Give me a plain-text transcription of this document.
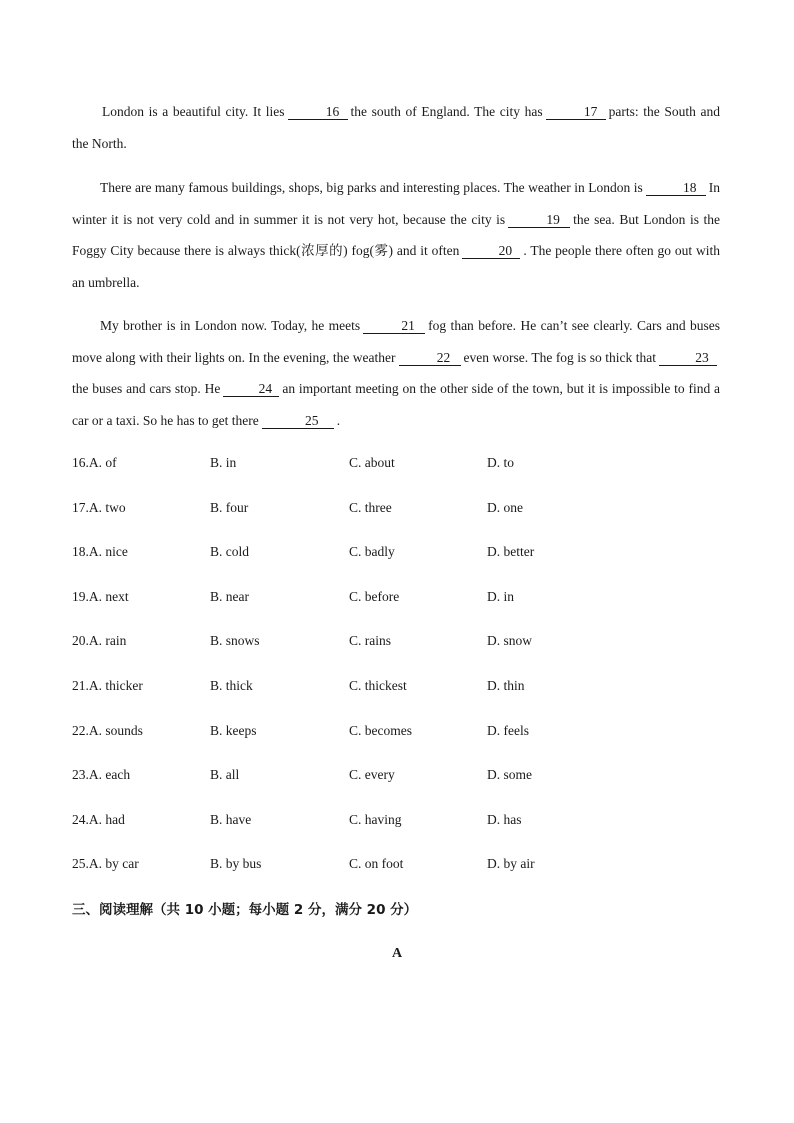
London is a beautiful city. It lies	16 the south of England. The city has	17 parts: the South and the North.

There are many famous buildings, shops, big parks and interesting places. The weather in London is	18 In winter it is not very cold and in summer it is not very hot, because the city is	19 the sea. But London is the Foggy City because there is always thick(浓厚的) fog(雾) and it often	20 . The people there often go out with an umbrella.

My brother is in London now. Today, he meets	21 fog than before. He can’t see clearly. Cars and buses move along with their lights on. In the evening, the weather	22 even worse. The fog is so thick that	23the buses and cars stop. He	24 an important meeting on the other side of the town, but it is impossible to find a car or a taxi. So he has to get there	25 .

16.A. of	B. in	C. about	D. to
17.A. two	B. four	C. three	D. one
18.A. nice	B. cold	C. badly	D. better
19.A. next	B. near	C. before	D. in
20.A. rain	B. snows	C. rains	D. snow
21.A. thicker	B. thick	C. thickest	D. thin
22.A. sounds	B. keeps	C. becomes	D. feels
23.A. each	B. all	C. every	D. some
24.A. had	B. have	C. having	D. has
25.A. by car	B. by bus	C. on foot	D. by air
三、阅读理解（共 10 小题；每小题 2 分，满分 20 分）
A
